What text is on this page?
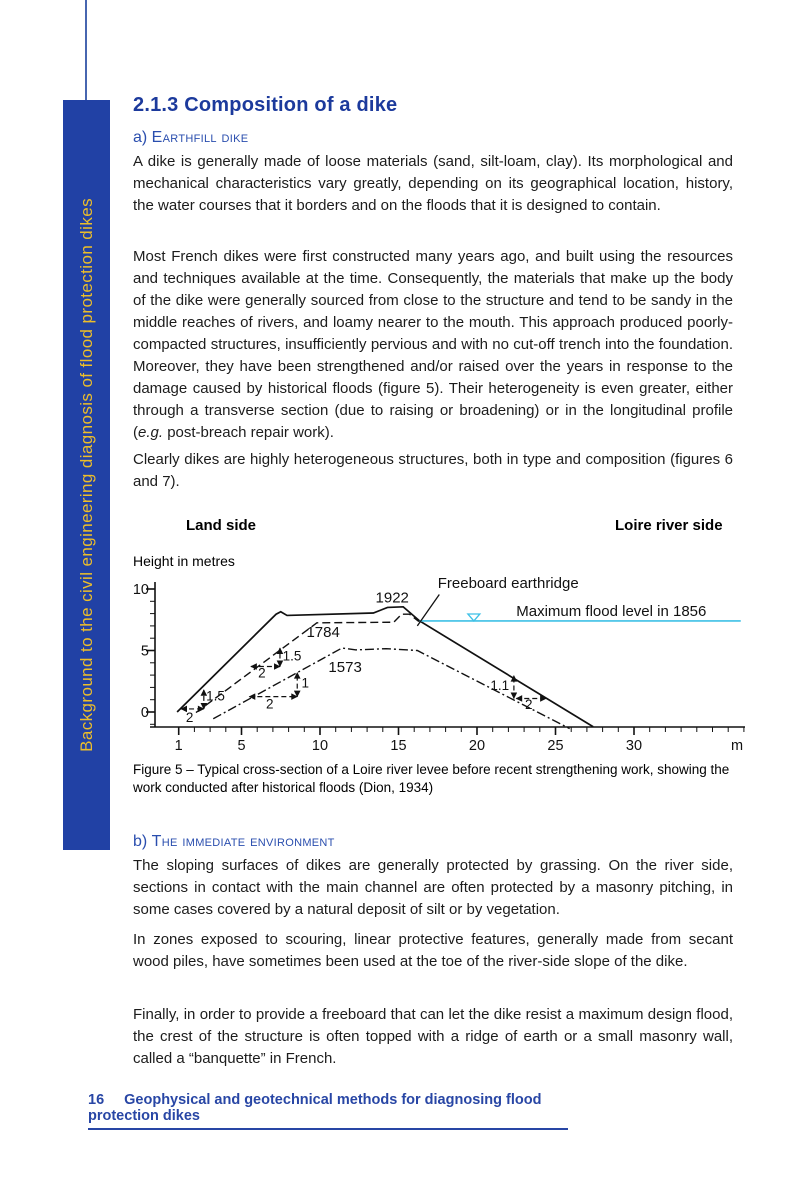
Background to the civil engineering diagnosis of flood protection dikes
2.1.3 Composition of a dike
a) Earthfill dike

A dike is generally made of loose materials (sand, silt-loam, clay). Its morphological and mechanical characteristics vary greatly, depending on its geographical location, history, the water courses that it borders and on the floods that it is designed to contain.

Most French dikes were first constructed many years ago, and built using the resources and techniques available at the time. Consequently, the materials that make up the body of the dike were generally sourced from close to the structure and tend to be sandy in the middle reaches of rivers, and loamy nearer to the mouth. This approach produced poorly-compacted structures, insufficiently pervious and with no cut-off trench into the foundation. Moreover, they have been strengthened and/or raised over the years in response to the damage caused by historical floods (figure 5). Their heterogeneity is even greater, either through a transverse section (due to raising or broadening) or in the longitudinal profile (e.g. post-breach repair work).

Clearly dikes are highly heterogeneous structures, both in type and composition (figures 6 and 7).

Land side	Loire river side
Height in metres
1	5	10	15	20	25	30	m
0
5
10	1922
1784
1573
Maximum flood level in 1856
Freeboard earthridge
2
1.5
2
1.5
2
1
2
1.1

Figure 5 – Typical cross-section of a Loire river levee before recent strengthening work, showing the work conducted after historical floods (Dion, 1934)

b) The immediate environment

The sloping surfaces of dikes are generally protected by grassing. On the river side, sections in contact with the main channel are often protected by a masonry pitching, in some cases covered by a natural deposit of silt or by vegetation.

In zones exposed to scouring, linear protective features, generally made from secant wood piles, have sometimes been used at the toe of the river-side slope of the dike.

Finally, in order to provide a freeboard that can let the dike resist a maximum design flood, the crest of the structure is often topped with a ridge of earth or a small masonry wall, called a “banquette” in French.

16 Geophysical and geotechnical methods for diagnosing flood protection dikes
